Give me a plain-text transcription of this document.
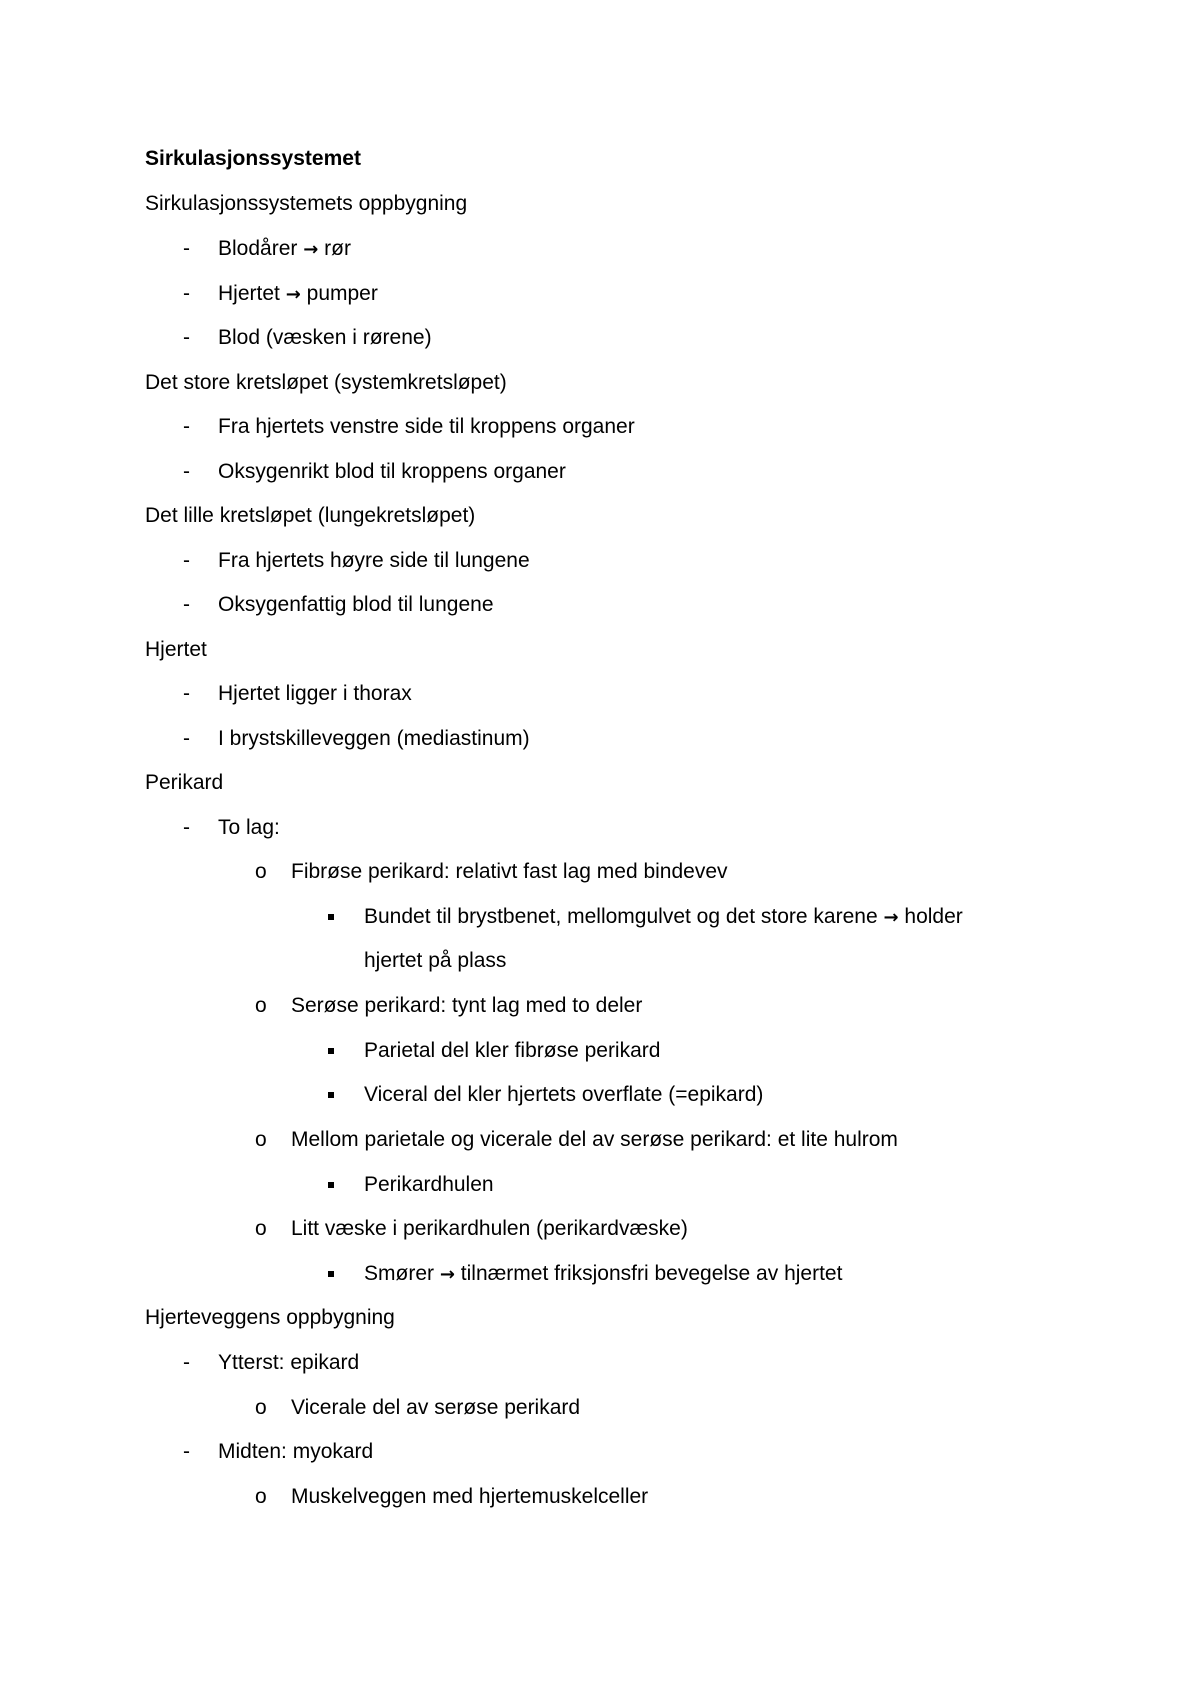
Sirkulasjonssystemet
Sirkulasjonssystemets oppbygning
- Blodårer → rør
- Hjertet → pumper
- Blod (væsken i rørene)
Det store kretsløpet (systemkretsløpet)
- Fra hjertets venstre side til kroppens organer
- Oksygenrikt blod til kroppens organer
Det lille kretsløpet (lungekretsløpet)
- Fra hjertets høyre side til lungene
- Oksygenfattig blod til lungene
Hjertet
- Hjertet ligger i thorax
- I brystskilleveggen (mediastinum)
Perikard
- To lag:
o Fibrøse perikard: relativt fast lag med bindevev
Bundet til brystbenet, mellomgulvet og det store karene → holder
hjertet på plass
o Serøse perikard: tynt lag med to deler
Parietal del kler fibrøse perikard
Viceral del kler hjertets overflate (=epikard)
o Mellom parietale og vicerale del av serøse perikard: et lite hulrom
Perikardhulen
o Litt væske i perikardhulen (perikardvæske)
Smører → tilnærmet friksjonsfri bevegelse av hjertet
Hjerteveggens oppbygning
- Ytterst: epikard
o Vicerale del av serøse perikard
- Midten: myokard
o Muskelveggen med hjertemuskelceller
